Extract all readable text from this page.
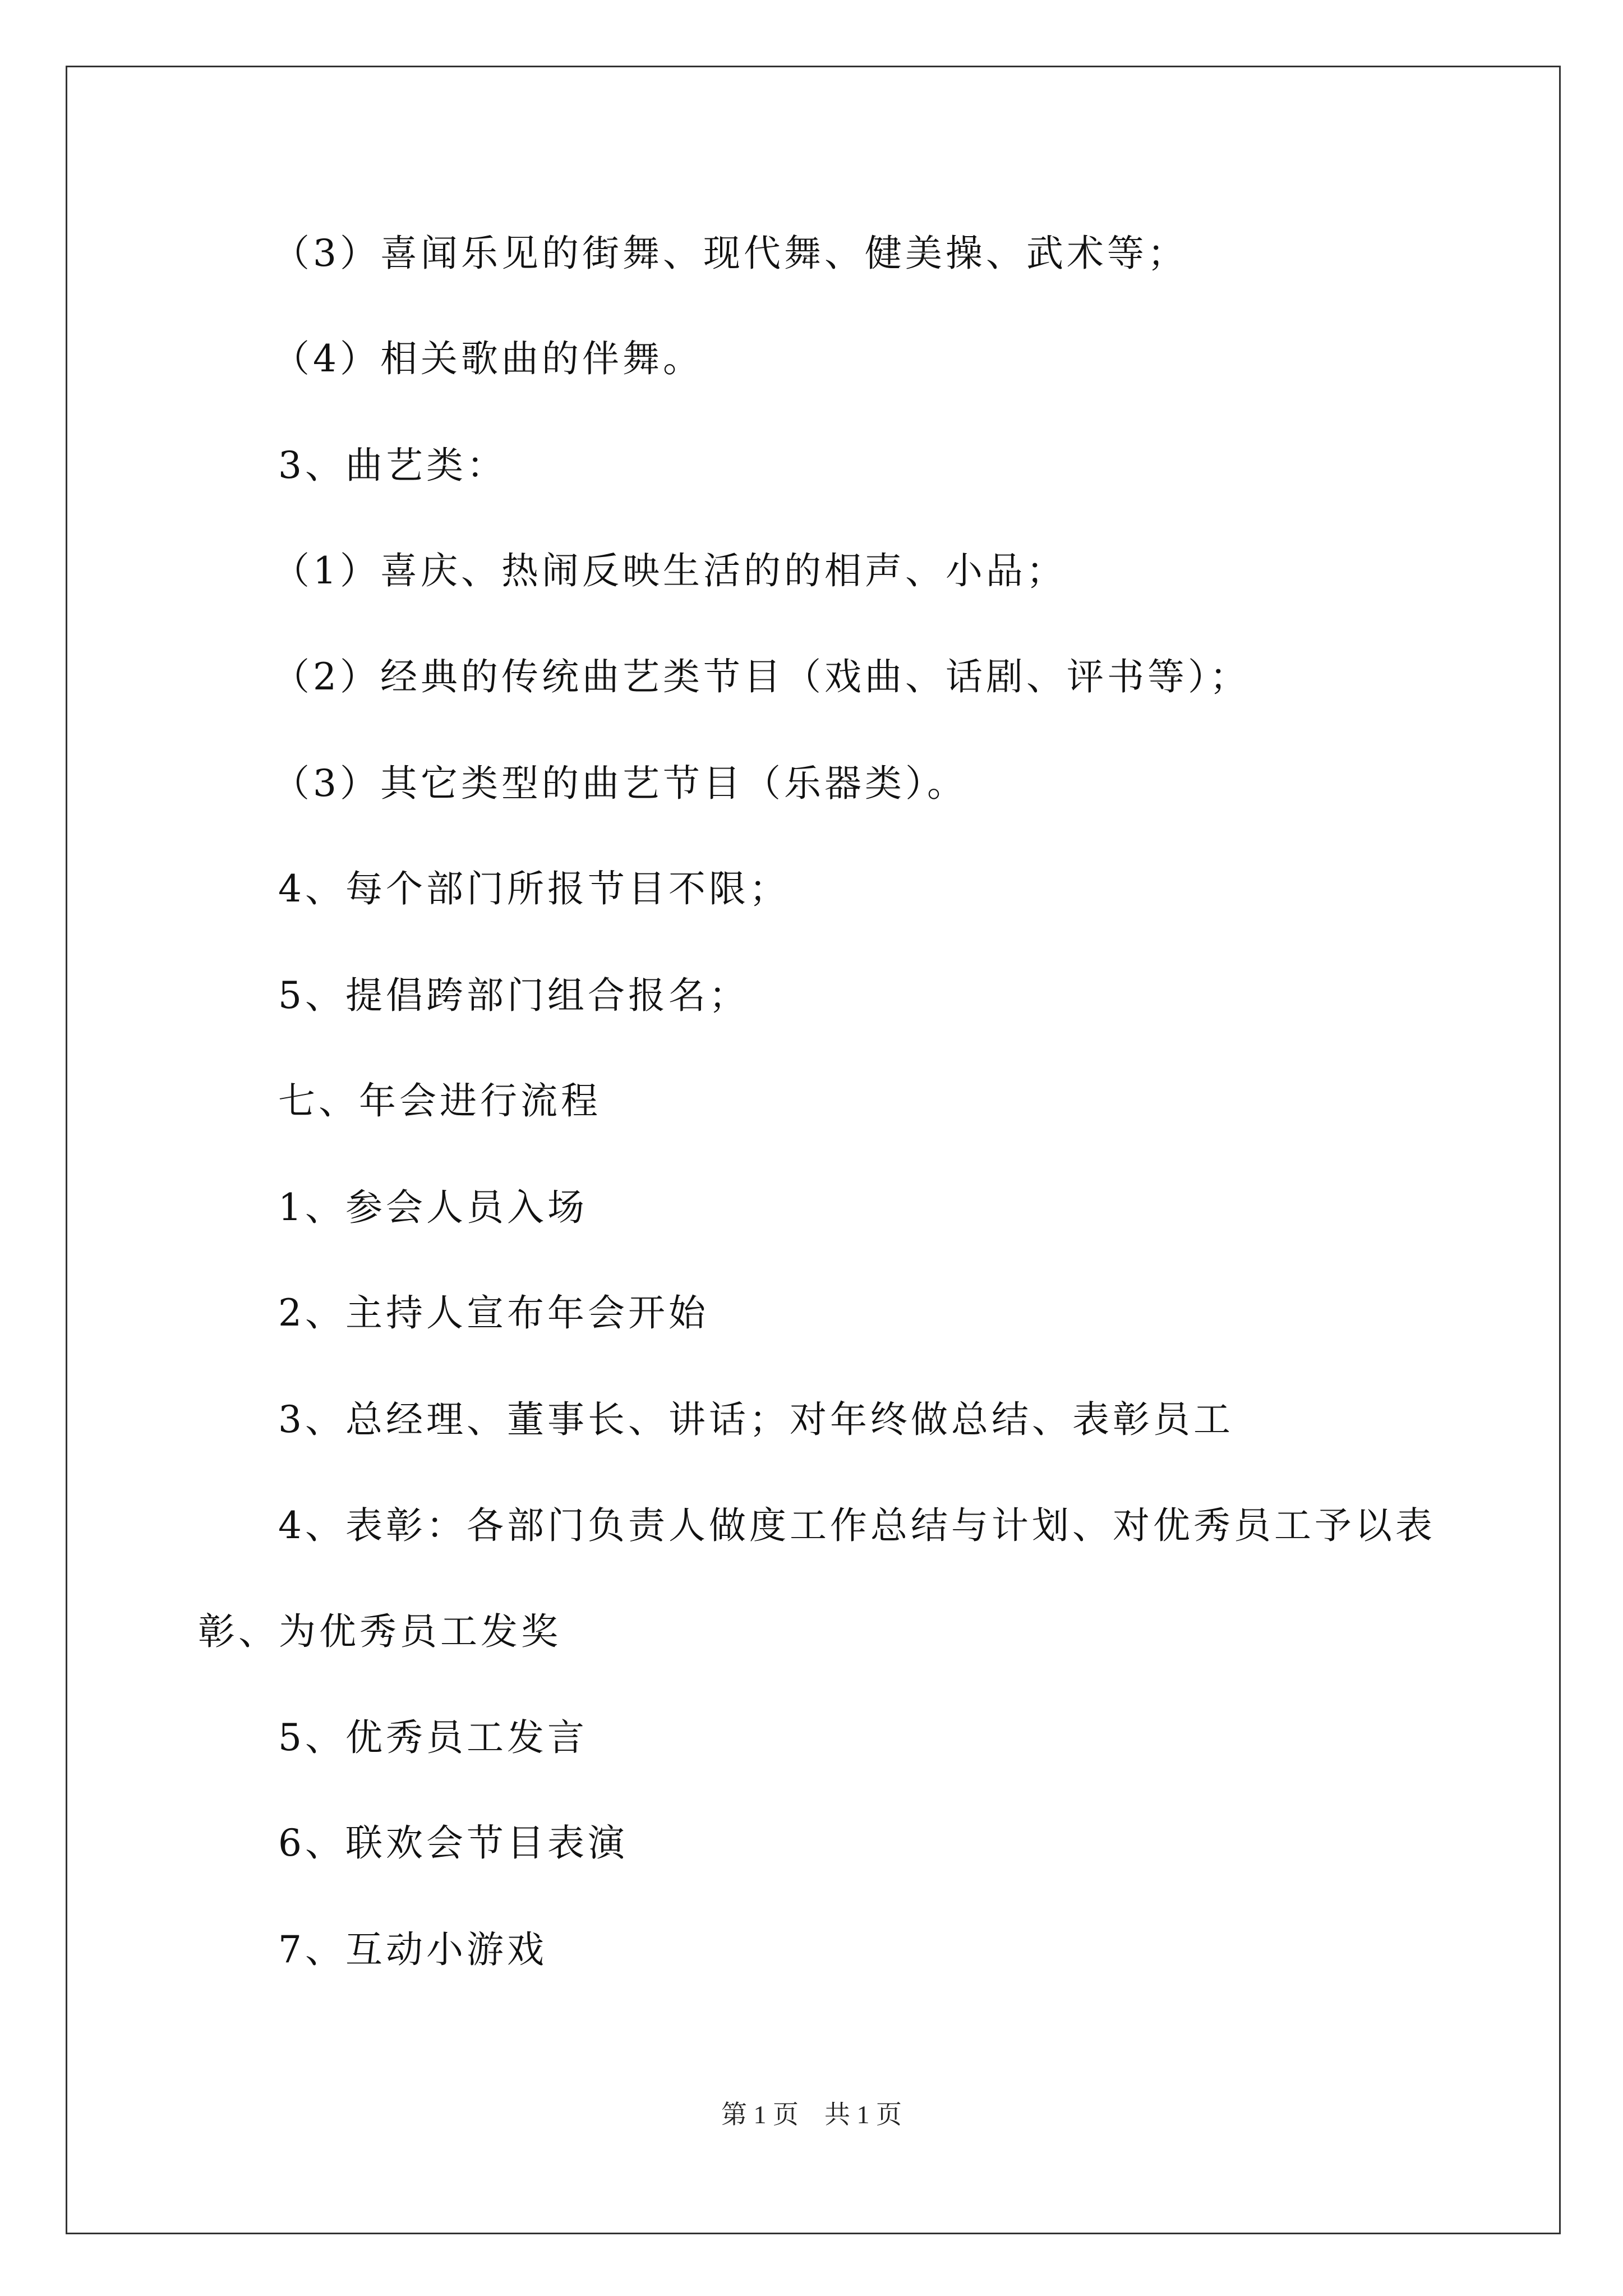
（3）喜闻乐见的街舞、现代舞、健美操、武术等；
（4）相关歌曲的伴舞。
3、曲艺类：
（1）喜庆、热闹反映生活的的相声、小品；
（2）经典的传统曲艺类节目（戏曲、话剧、评书等）；
（3）其它类型的曲艺节目（乐器类）。
4、每个部门所报节目不限；
5、提倡跨部门组合报名；
七、年会进行流程
1、参会人员入场
2、主持人宣布年会开始
3、总经理、董事长、讲话；对年终做总结、表彰员工
4、表彰：各部门负责人做度工作总结与计划、对优秀员工予以表
彰、为优秀员工发奖
5、优秀员工发言
6、联欢会节目表演
7、互动小游戏
第 1 页　共 1 页
